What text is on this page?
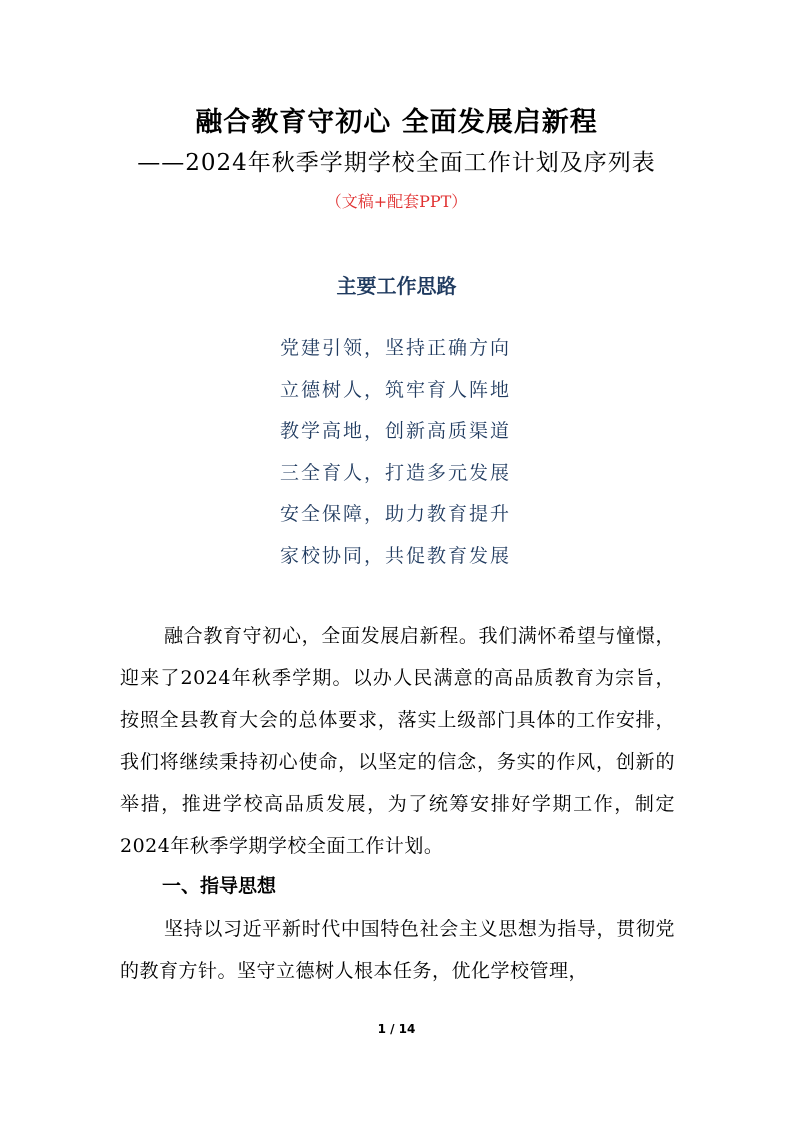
融合教育守初心 全面发展启新程
——2024年秋季学期学校全面工作计划及序列表
（文稿+配套PPT）
主要工作思路
党建引领，坚持正确方向
立德树人，筑牢育人阵地
教学高地，创新高质渠道
三全育人，打造多元发展
安全保障，助力教育提升
家校协同，共促教育发展

融合教育守初心，全面发展启新程。我们满怀希望与憧憬，迎来了2024年秋季学期。以办人民满意的高品质教育为宗旨，按照全县教育大会的总体要求，落实上级部门具体的工作安排，我们将继续秉持初心使命，以坚定的信念，务实的作风，创新的举措，推进学校高品质发展，为了统筹安排好学期工作，制定2024年秋季学期学校全面工作计划。

一、指导思想

坚持以习近平新时代中国特色社会主义思想为指导，贯彻党的教育方针。坚守立德树人根本任务，优化学校管理，

1 / 14
